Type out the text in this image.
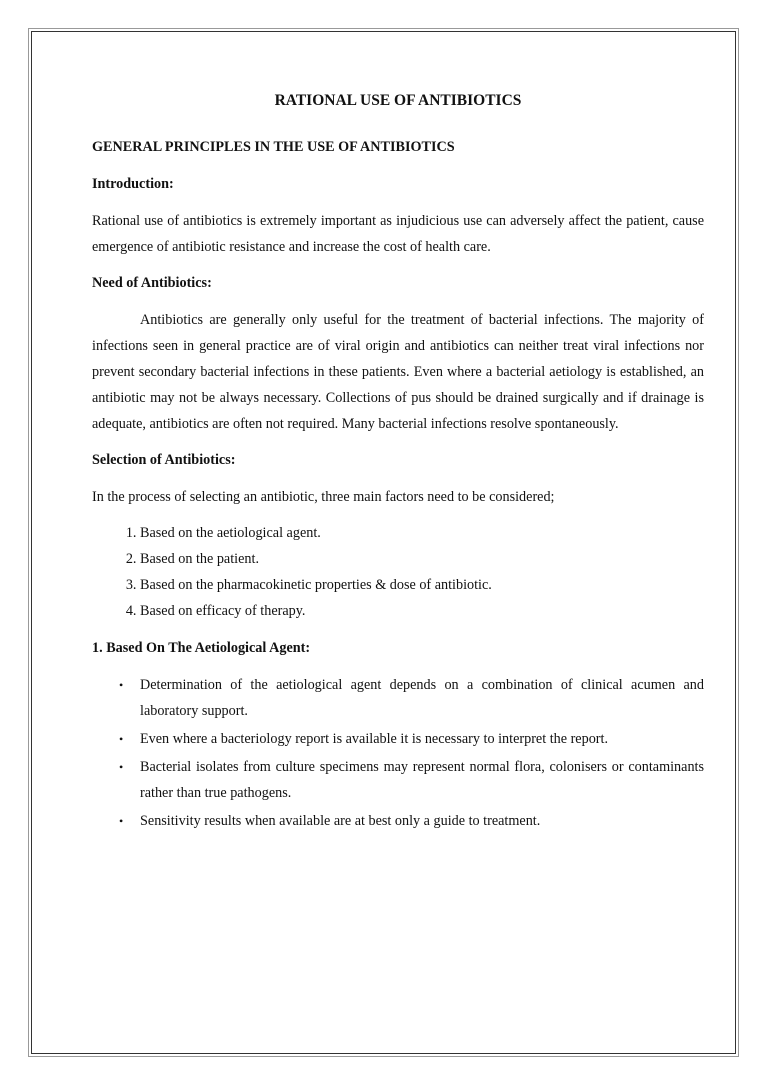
RATIONAL USE OF ANTIBIOTICS
GENERAL PRINCIPLES IN THE USE OF ANTIBIOTICS
Introduction:

Rational use of antibiotics is extremely important as injudicious use can adversely affect the patient, cause emergence of antibiotic resistance and increase the cost of health care.

Need of Antibiotics:

Antibiotics are generally only useful for the treatment of bacterial infections. The majority of infections seen in general practice are of viral origin and antibiotics can neither treat viral infections nor prevent secondary bacterial infections in these patients. Even where a bacterial aetiology is established, an antibiotic may not be always necessary. Collections of pus should be drained surgically and if drainage is adequate, antibiotics are often not required. Many bacterial infections resolve spontaneously.

Selection of Antibiotics:

In the process of selecting an antibiotic, three main factors need to be considered;

1. Based on the aetiological agent.
2. Based on the patient.
3. Based on the pharmacokinetic properties & dose of antibiotic.
4. Based on efficacy of therapy.
1. Based On The Aetiological Agent:
• Determination of the aetiological agent depends on a combination of clinical acumen and laboratory support.
• Even where a bacteriology report is available it is necessary to interpret the report.
• Bacterial isolates from culture specimens may represent normal flora, colonisers or contaminants rather than true pathogens.
• Sensitivity results when available are at best only a guide to treatment.
